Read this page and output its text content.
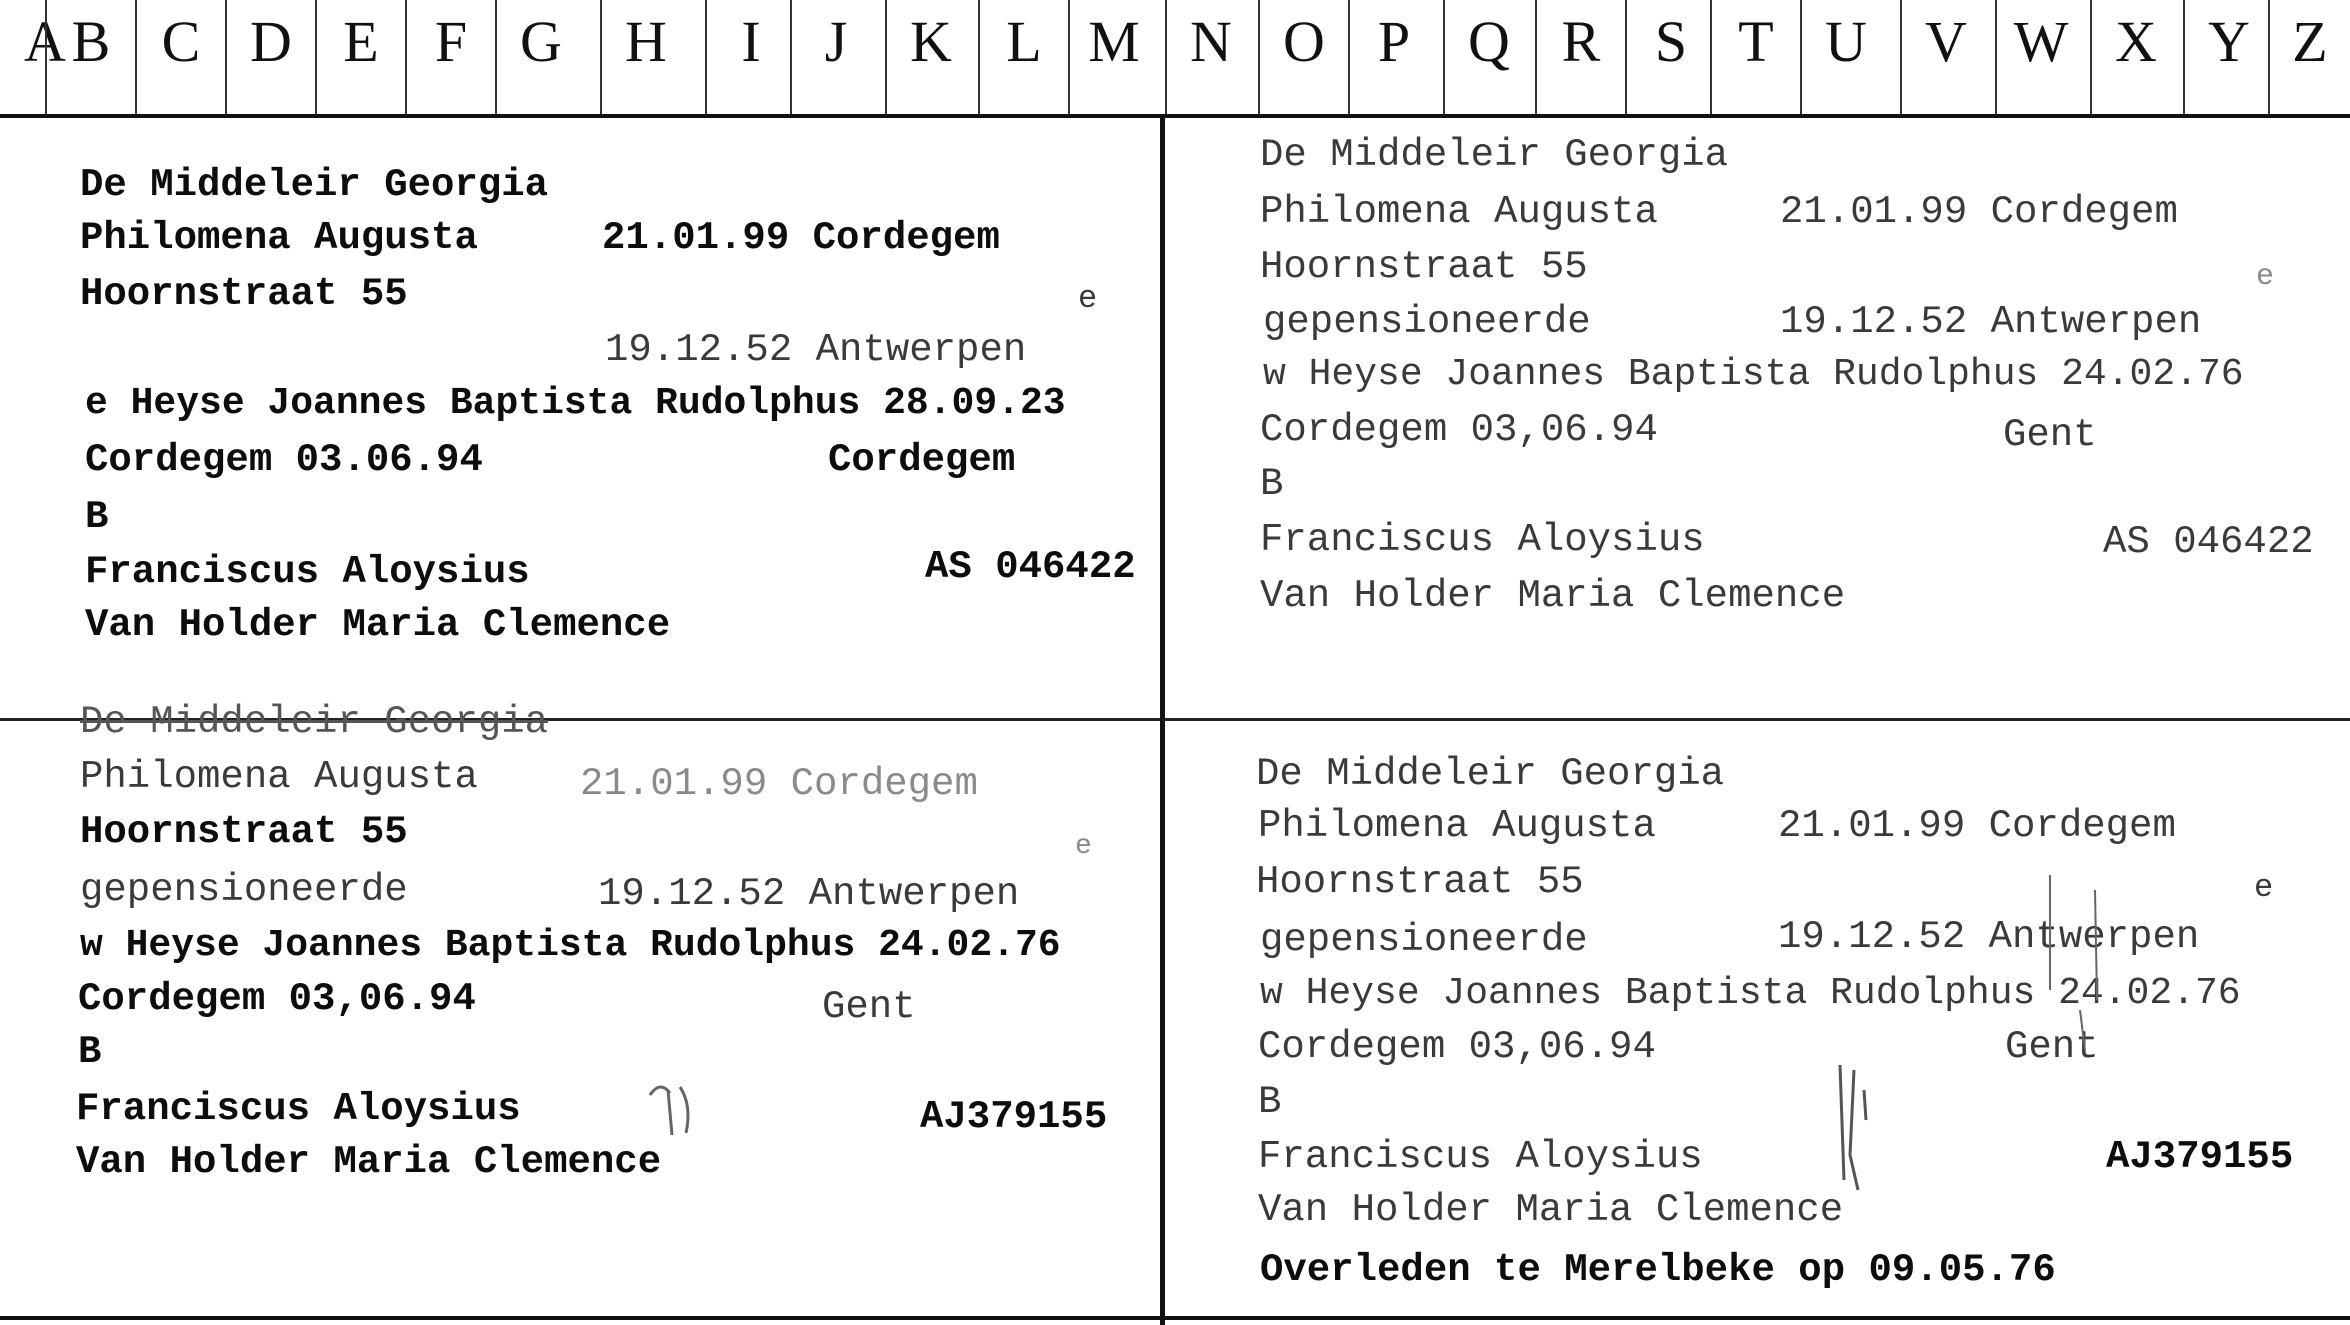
A B C D E F G	H	I	J	K L M N O P Q R S T U	V W X Y Z
De Middeleir Georgia
Philomena Augusta	21.01.99 Cordegem
Hoornstraat 55	e
19.12.52 Antwerpen
e Heyse Joannes Baptista Rudolphus 28.09.23
Cordegem 03.06.94	Cordegem
B
Franciscus Aloysius	AS 046422
Van Holder Maria Clemence
De Middeleir Georgia
Philomena Augusta	21.01.99 Cordegem
Hoornstraat 55	e
gepensioneerde	19.12.52 Antwerpen
w Heyse Joannes Baptista Rudolphus 24.02.76
Cordegem 03,06.94	Gent
B
Franciscus Aloysius	AS 046422
Van Holder Maria Clemence
De Middeleir Georgia
Philomena Augusta	21.01.99 Cordegem
Hoornstraat 55	e
gepensioneerde	19.12.52 Antwerpen
w Heyse Joannes Baptista Rudolphus 24.02.76
Cordegem 03,06.94	Gent
B
Franciscus Aloysius	AJ379155
Van Holder Maria Clemence
De Middeleir Georgia
Philomena Augusta	21.01.99 Cordegem
Hoornstraat 55	e
gepensioneerde	19.12.52 Antwerpen
w Heyse Joannes Baptista Rudolphus 24.02.76
Cordegem 03,06.94	Gent
B
Franciscus Aloysius	AJ379155
Van Holder Maria Clemence
Overleden te Merelbeke op 09.05.76
